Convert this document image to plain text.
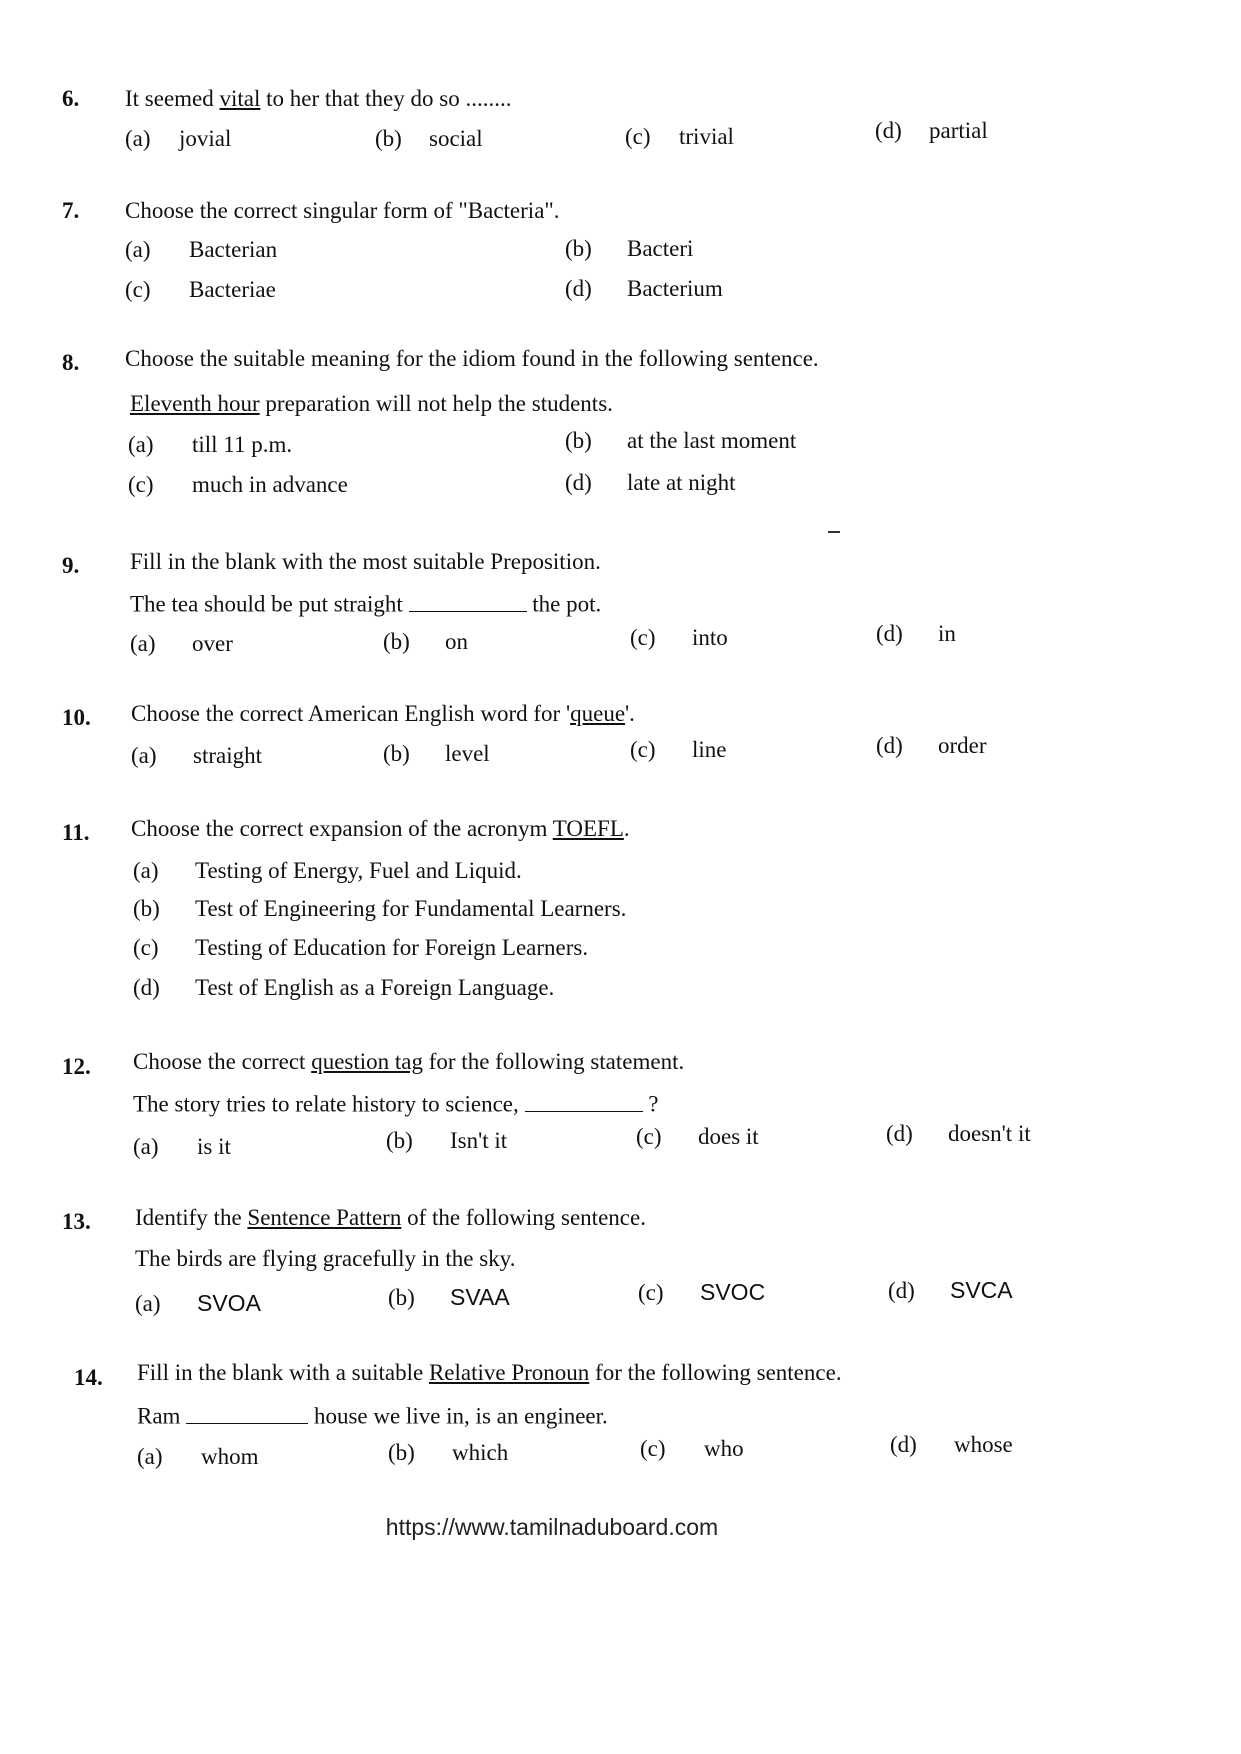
6. It seemed vital to her that they do so ........
(a) jovial	(b) social	(c) trivial	(d) partial
7. Choose the correct singular form of "Bacteria".
(a) Bacterian	(b) Bacteri
(c) Bacteriae	(d) Bacterium
8. Choose the suitable meaning for the idiom found in the following sentence.
Eleventh hour preparation will not help the students.
(a) till 11 p.m.	(b) at the last moment
(c) much in advance	(d) late at night
9. Fill in the blank with the most suitable Preposition.
The tea should be put straight	the pot.
(a) over	(b) on	(c) into	(d) in
10. Choose the correct American English word for 'queue'.
(a) straight	(b) level	(c) line	(d) order
11. Choose the correct expansion of the acronym TOEFL.
(a) Testing of Energy, Fuel and Liquid.
(b) Test of Engineering for Fundamental Learners.
(c) Testing of Education for Foreign Learners.
(d) Test of English as a Foreign Language.
12. Choose the correct question tag for the following statement.
The story tries to relate history to science,	?
(a) is it	(b) Isn't it	(c) does it	(d) doesn't it
13. Identify the Sentence Pattern of the following sentence.
The birds are flying gracefully in the sky.
(a) SVOA	(b) SVAA	(c) SVOC	(d) SVCA
14. Fill in the blank with a suitable Relative Pronoun for the following sentence.
Ram	house we live in, is an engineer.
(a) whom	(b) which	(c) who	(d) whose
https://www.tamilnaduboard.com
